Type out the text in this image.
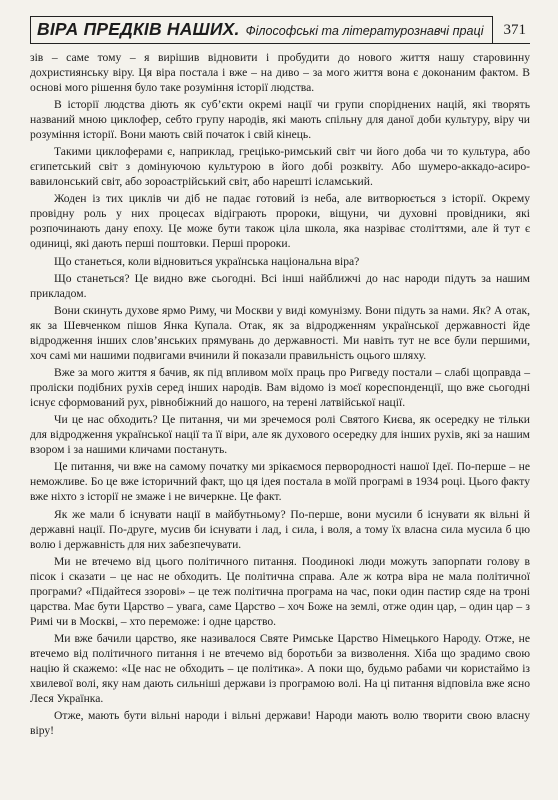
ВІРА ПРЕДКІВ НАШИХ. Філософські та літературознавчі праці	371

зів – саме тому – я вирішив відновити і пробудити до нового життя нашу старовинну дохристиянську віру. Ця віра постала і вже – на диво – за мого життя вона є доконаним фактом. В основі мого рішення було таке розуміння історії людства.

В історії людства діють як суб’єкти окремі нації чи групи споріднених націй, які творять названий мною циклофер, себто групу народів, які мають спільну для даної доби культуру, віру чи розуміння історії. Вони мають свій початок і свій кінець.

Такими циклоферами є, наприклад, греціько-римський світ чи його доба чи то культура, або єгипетський світ з домінуючою культурою в його добі розквіту. Або шумеро-аккадо-асиро-вавилонський світ, або зороастрійський світ, або нарешті ісламський.

Жоден із тих циклів чи діб не падає готовий із неба, але витворюється з історії. Окрему провідну роль у них процесах відіграють пророки, віщуни, чи духовні провідники, які розпочинають дану епоху. Це може бути також ціла школа, яка назріває століттями, але й тут є одиниці, які дають перші поштовки. Перші пророки.

Що станеться, коли відновиться українська національна віра?

Що станеться? Це видно вже сьогодні. Всі інші найближчі до нас народи підуть за нашим прикладом.

Вони скинуть духове ярмо Риму, чи Москви у виді комунізму. Вони підуть за нами. Як? А отак, як за Шевченком пішов Янка Купала. Отак, як за відродженням української державності йде відродження інших слов’янських прямувань до державності. Ми навіть тут не все були першими, хоч самі ми нашими подвигами вчинили й показали правильність оцього шляху.

Вже за мого життя я бачив, як під впливом моїх праць про Ригведу постали – слабі щоправда – проліски подібних рухів серед інших народів. Вам відомо із моєї кореспонденції, що вже сьогодні існує сформований рух, рівнобіжний до нашого, на терені латвійської нації.

Чи це нас обходить? Це питання, чи ми зречемося ролі Святого Києва, як осередку не тільки для відродження української нації та її віри, але як духового осередку для інших рухів, які за нашим взором і за нашими кличами постануть.

Це питання, чи вже на самому початку ми зрікаємося первородності нашої Ідеї. По-перше – не неможливе. Бо це вже історичний факт, що ця ідея постала в моїй програмі в 1934 році. Цього факту вже ніхто з історії не змаже і не вичеркне. Це факт.

Як же мали б існувати нації в майбутньому? По-перше, вони мусили б існувати як вільні й державні нації. По-друге, мусив би існувати і лад, і сила, і воля, а тому їх власна сила мусила б цю волю і державність для них забезпечувати.

Ми не втечемо від цього політичного питання. Поодинокі люди можуть запорпати голову в пісок і сказати – це нас не обходить. Це політична справа. Але ж котра віра не мала політичної програми? «Підайтеся ззорові» – це теж політична програма на час, поки один пастир сяде на троні царства. Має бути Царство – увага, саме Царство – хоч Боже на землі, отже один цар, – один цар – з Римі чи в Москві, – хто переможе: і одне царство.

Ми вже бачили царство, яке називалося Святе Римське Царство Німецького Народу. Отже, не втечемо від політичного питання і не втечемо від боротьби за визволення. Хіба що зрадимо свою націю й скажемо: «Це нас не обходить – це політика». А поки що, будьмо рабами чи користаймо із хвилевої волі, яку нам дають сильніші держави із програмою волі. На ці питання відповіла вже ясно Леся Українка.

Отже, мають бути вільні народи і вільні держави! Народи мають волю творити свою власну віру!
